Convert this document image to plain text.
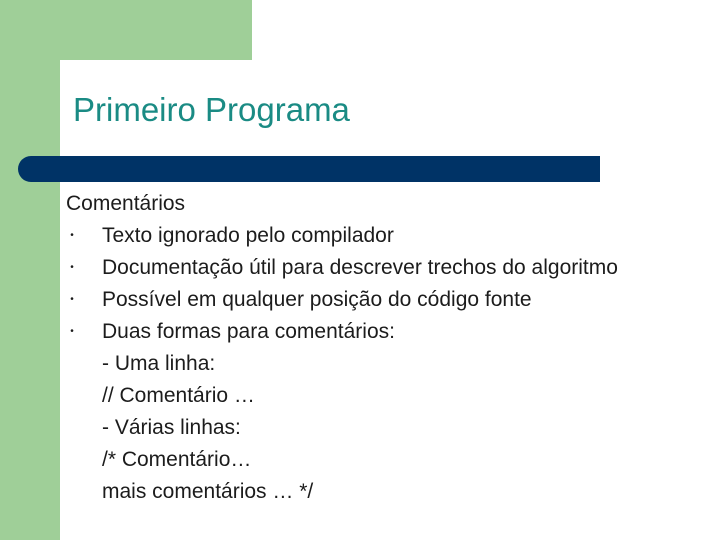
Primeiro Programa
Comentários
• Texto ignorado pelo compilador
• Documentação útil para descrever trechos do algoritmo
• Possível em qualquer posição do código fonte
• Duas formas para comentários:
- Uma linha:
// Comentário …
- Várias linhas:
/* Comentário…
mais comentários … */
